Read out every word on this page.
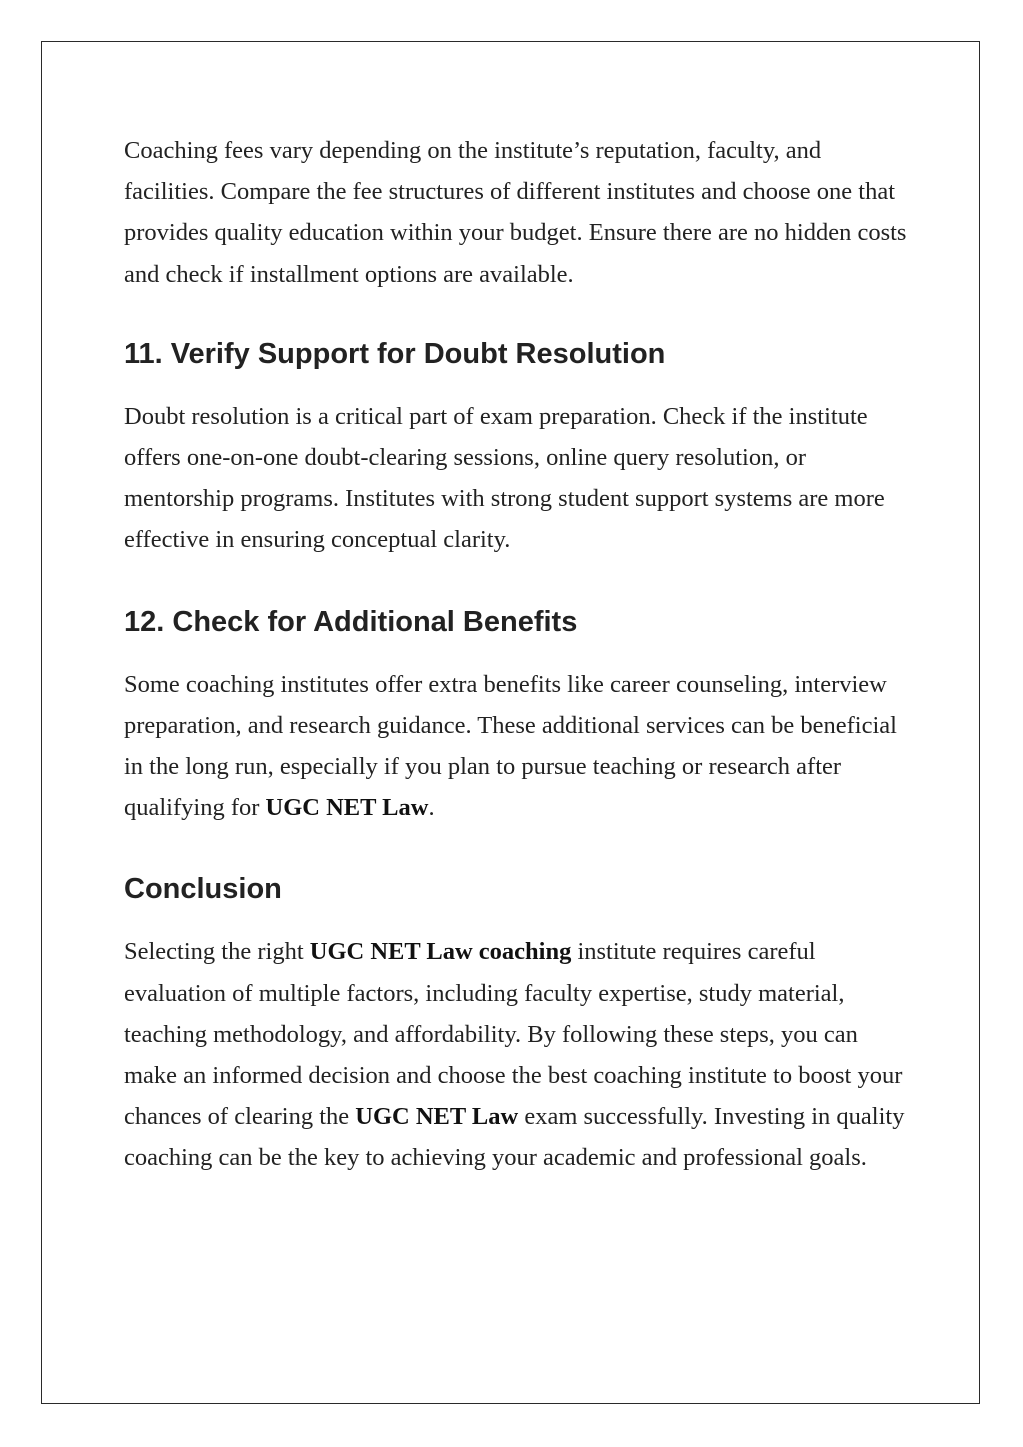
Coaching fees vary depending on the institute’s reputation, faculty, and facilities. Compare the fee structures of different institutes and choose one that provides quality education within your budget. Ensure there are no hidden costs and check if installment options are available.

11. Verify Support for Doubt Resolution

Doubt resolution is a critical part of exam preparation. Check if the institute offers one-on-one doubt-clearing sessions, online query resolution, or mentorship programs. Institutes with strong student support systems are more effective in ensuring conceptual clarity.

12. Check for Additional Benefits

Some coaching institutes offer extra benefits like career counseling, interview preparation, and research guidance. These additional services can be beneficial in the long run, especially if you plan to pursue teaching or research after qualifying for UGC NET Law.

Conclusion

Selecting the right UGC NET Law coaching institute requires careful evaluation of multiple factors, including faculty expertise, study material, teaching methodology, and affordability. By following these steps, you can make an informed decision and choose the best coaching institute to boost your chances of clearing the UGC NET Law exam successfully. Investing in quality coaching can be the key to achieving your academic and professional goals.
